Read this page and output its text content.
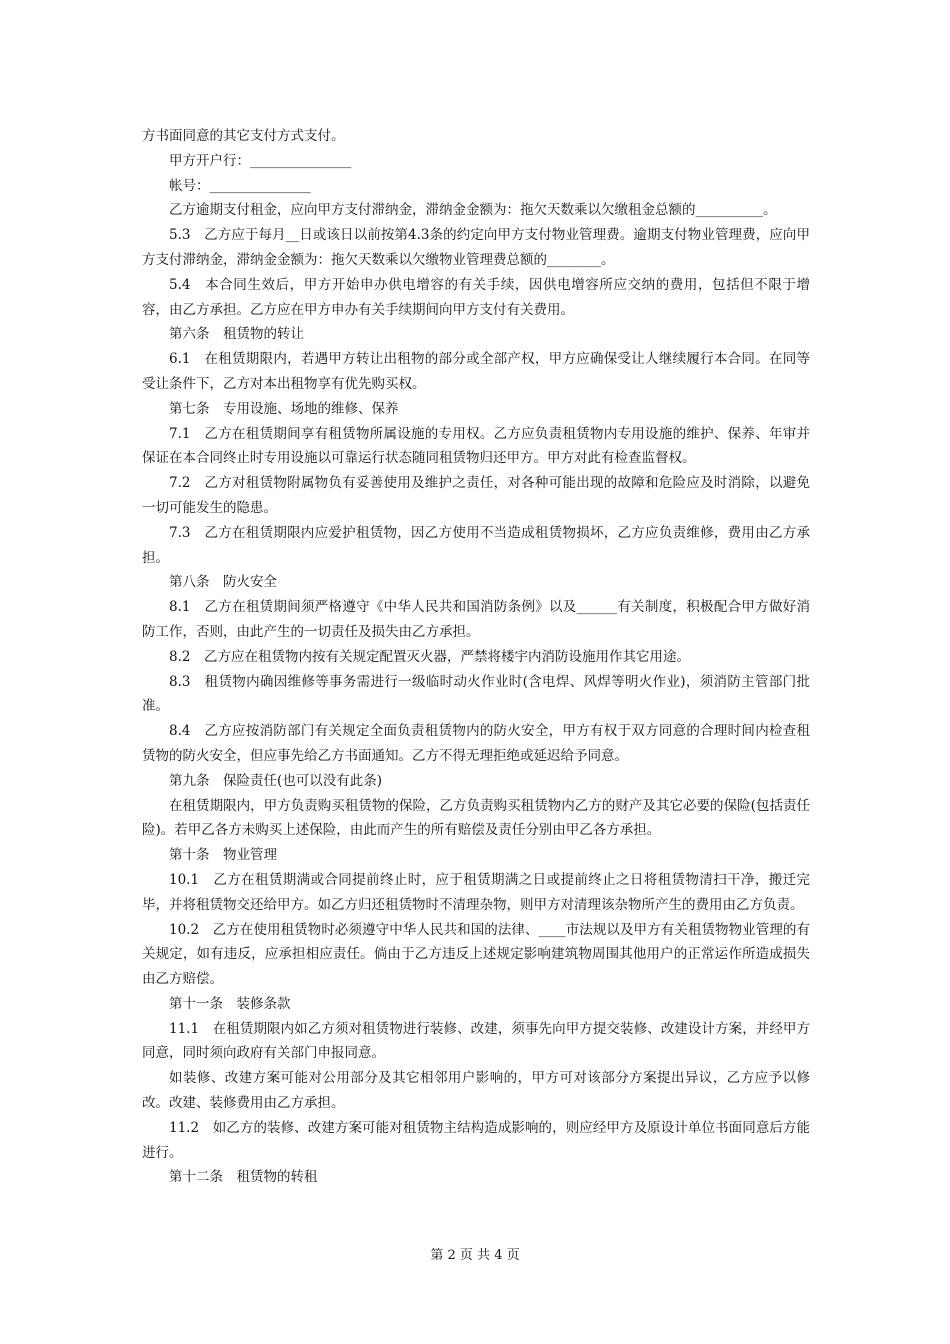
方书面同意的其它支付方式支付。

甲方开户行：_______________

帐号：_______________

乙方逾期支付租金，应向甲方支付滞纳金，滞纳金金额为：拖欠天数乘以欠缴租金总额的__________。

5.3　乙方应于每月__日或该日以前按第4.3条的约定向甲方支付物业管理费。逾期支付物业管理费，应向甲方支付滞纳金，滞纳金金额为：拖欠天数乘以欠缴物业管理费总额的________。

5.4　本合同生效后，甲方开始申办供电增容的有关手续，因供电增容所应交纳的费用，包括但不限于增容，由乙方承担。乙方应在甲方申办有关手续期间向甲方支付有关费用。

第六条　租赁物的转让

6.1　在租赁期限内，若遇甲方转让出租物的部分或全部产权，甲方应确保受让人继续履行本合同。在同等受让条件下，乙方对本出租物享有优先购买权。

第七条　专用设施、场地的维修、保养

7.1　乙方在租赁期间享有租赁物所属设施的专用权。乙方应负责租赁物内专用设施的维护、保养、年审并保证在本合同终止时专用设施以可靠运行状态随同租赁物归还甲方。甲方对此有检查监督权。

7.2　乙方对租赁物附属物负有妥善使用及维护之责任，对各种可能出现的故障和危险应及时消除，以避免一切可能发生的隐患。

7.3　乙方在租赁期限内应爱护租赁物，因乙方使用不当造成租赁物损坏，乙方应负责维修，费用由乙方承担。

第八条　防火安全

8.1　乙方在租赁期间须严格遵守《中华人民共和国消防条例》以及______有关制度，积极配合甲方做好消防工作，否则，由此产生的一切责任及损失由乙方承担。

8.2　乙方应在租赁物内按有关规定配置灭火器，严禁将楼宇内消防设施用作其它用途。

8.3　租赁物内确因维修等事务需进行一级临时动火作业时(含电焊、风焊等明火作业)，须消防主管部门批准。

8.4　乙方应按消防部门有关规定全面负责租赁物内的防火安全，甲方有权于双方同意的合理时间内检查租赁物的防火安全，但应事先给乙方书面通知。乙方不得无理拒绝或延迟给予同意。

第九条　保险责任(也可以没有此条)

在租赁期限内，甲方负责购买租赁物的保险，乙方负责购买租赁物内乙方的财产及其它必要的保险(包括责任险)。若甲乙各方未购买上述保险，由此而产生的所有赔偿及责任分别由甲乙各方承担。

第十条　物业管理

10.1　乙方在租赁期满或合同提前终止时，应于租赁期满之日或提前终止之日将租赁物清扫干净，搬迁完毕，并将租赁物交还给甲方。如乙方归还租赁物时不清理杂物，则甲方对清理该杂物所产生的费用由乙方负责。

10.2　乙方在使用租赁物时必须遵守中华人民共和国的法律、____市法规以及甲方有关租赁物物业管理的有关规定，如有违反，应承担相应责任。倘由于乙方违反上述规定影响建筑物周围其他用户的正常运作所造成损失由乙方赔偿。

第十一条　装修条款

11.1　在租赁期限内如乙方须对租赁物进行装修、改建，须事先向甲方提交装修、改建设计方案，并经甲方同意，同时须向政府有关部门申报同意。

如装修、改建方案可能对公用部分及其它相邻用户影响的，甲方可对该部分方案提出异议，乙方应予以修改。改建、装修费用由乙方承担。

11.2　如乙方的装修、改建方案可能对租赁物主结构造成影响的，则应经甲方及原设计单位书面同意后方能进行。

第十二条　租赁物的转租

第 2 页 共 4 页
